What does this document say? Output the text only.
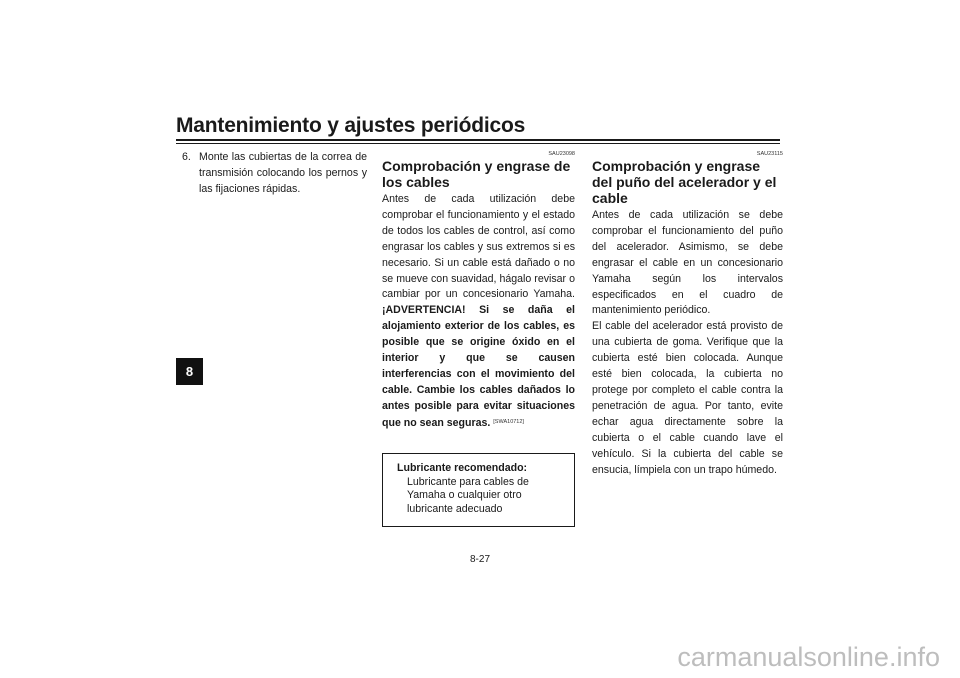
Mantenimiento y ajustes periódicos
8
6. Monte las cubiertas de la correa de transmisión colocando los pernos y las fijaciones rápidas.
SAU23098
Comprobación y engrase de los cables

Antes de cada utilización debe comprobar el funcionamiento y el estado de todos los cables de control, así como engrasar los cables y sus extremos si es necesario. Si un cable está dañado o no se mueve con suavidad, hágalo revisar o cambiar por un concesionario Yamaha. ¡ADVERTENCIA! Si se daña el alojamiento exterior de los cables, es posible que se origine óxido en el interior y que se causen interferencias con el movimiento del cable. Cambie los cables dañados lo antes posible para evitar situaciones que no sean seguras. [SWA10712]

Lubricante recomendado:
Lubricante para cables de Yamaha o cualquier otro lubricante adecuado
SAU23115
Comprobación y engrase del puño del acelerador y el cable

Antes de cada utilización se debe comprobar el funcionamiento del puño del acelerador. Asimismo, se debe engrasar el cable en un concesionario Yamaha según los intervalos especificados en el cuadro de mantenimiento periódico.

El cable del acelerador está provisto de una cubierta de goma. Verifique que la cubierta esté bien colocada. Aunque esté bien colocada, la cubierta no protege por completo el cable contra la penetración de agua. Por tanto, evite echar agua directamente sobre la cubierta o el cable cuando lave el vehículo. Si la cubierta del cable se ensucia, límpiela con un trapo húmedo.

8-27
carmanualsonline.info
